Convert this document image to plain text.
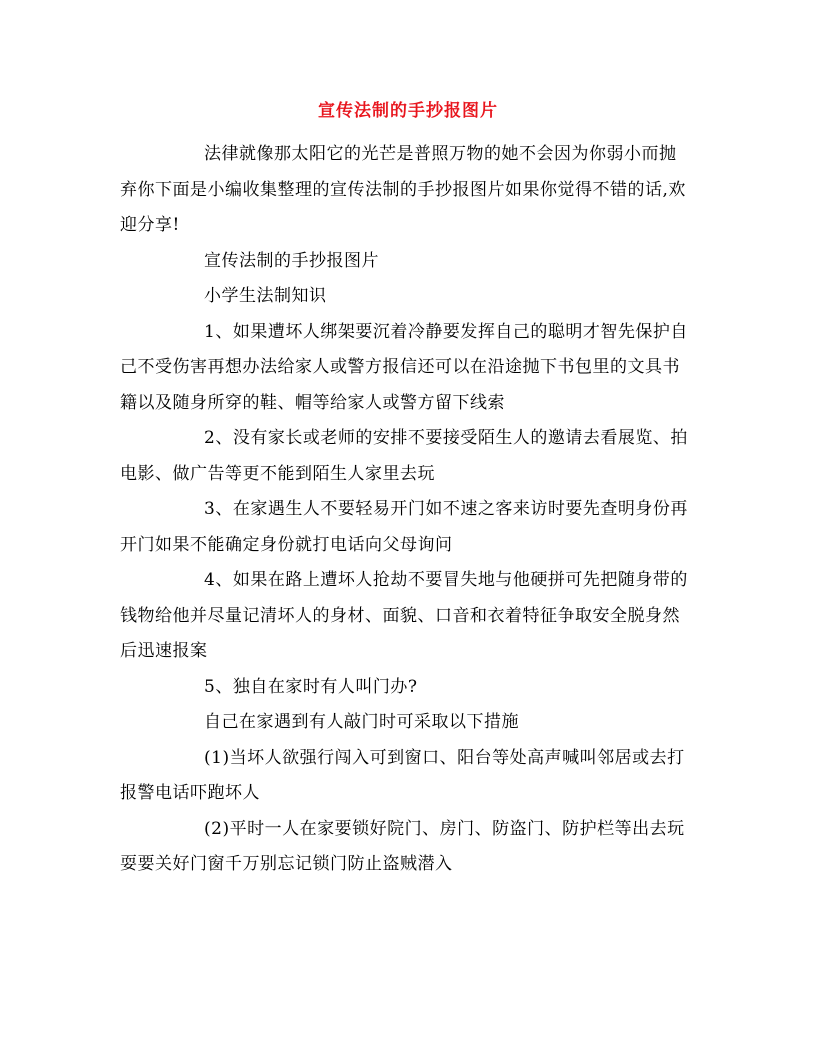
宣传法制的手抄报图片

法律就像那太阳它的光芒是普照万物的她不会因为你弱小而抛弃你下面是小编收集整理的宣传法制的手抄报图片如果你觉得不错的话,欢迎分享!

宣传法制的手抄报图片

小学生法制知识

1、如果遭坏人绑架要沉着冷静要发挥自己的聪明才智先保护自己不受伤害再想办法给家人或警方报信还可以在沿途抛下书包里的文具书籍以及随身所穿的鞋、帽等给家人或警方留下线索

2、没有家长或老师的安排不要接受陌生人的邀请去看展览、拍电影、做广告等更不能到陌生人家里去玩

3、在家遇生人不要轻易开门如不速之客来访时要先查明身份再开门如果不能确定身份就打电话向父母询问

4、如果在路上遭坏人抢劫不要冒失地与他硬拼可先把随身带的钱物给他并尽量记清坏人的身材、面貌、口音和衣着特征争取安全脱身然后迅速报案

5、独自在家时有人叫门办?

自己在家遇到有人敲门时可采取以下措施

(1)当坏人欲强行闯入可到窗口、阳台等处高声喊叫邻居或去打报警电话吓跑坏人

(2)平时一人在家要锁好院门、房门、防盗门、防护栏等出去玩耍要关好门窗千万别忘记锁门防止盗贼潜入
